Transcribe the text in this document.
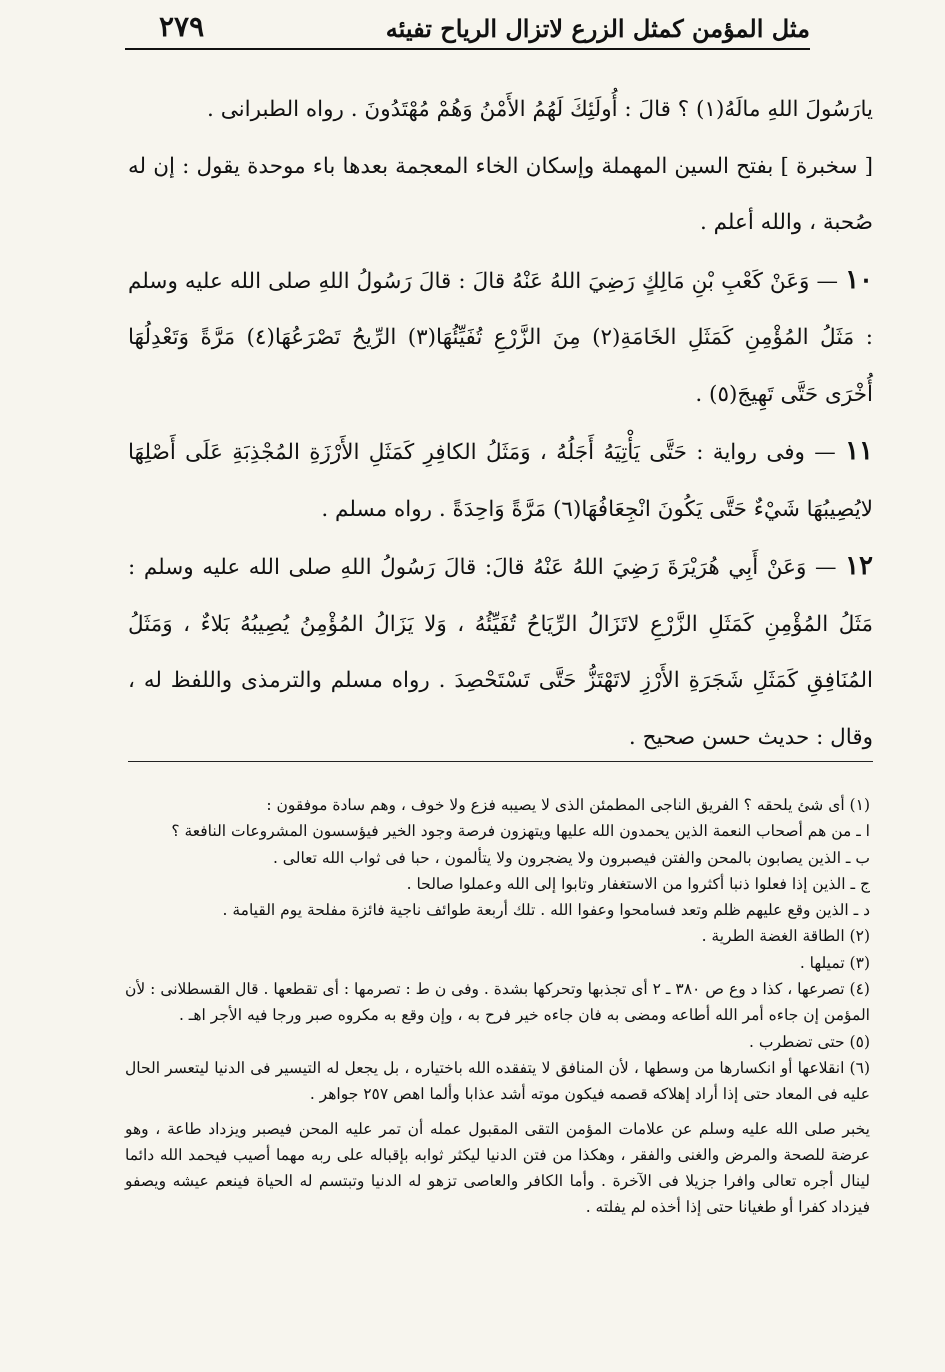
٢٧٩	مثل المؤمن كمثل الزرع لاتزال الرياح تفيئه

يارَسُولَ اللهِ مالَهُ(١) ؟ قالَ : أُولَئِكَ لَهُمُ الأَمْنُ وَهُمْ مُهْتَدُونَ . رواه الطبرانى .

[ سخبرة ] بفتح السين المهملة وإسكان الخاء المعجمة بعدها باء موحدة يقول : إن له صُحبة ، والله أعلم .

١٠ — وَعَنْ كَعْبِ بْنِ مَالِكٍ رَضِيَ اللهُ عَنْهُ قالَ : قالَ رَسُولُ اللهِ صلى الله عليه وسلم : مَثَلُ المُؤْمِنِ كَمَثَلِ الخَامَةِ(٢) مِنَ الزَّرْعِ تُفَيِّئُهَا(٣) الرِّيحُ تَصْرَعُهَا(٤) مَرَّةً وَتَعْدِلُهَا أُخْرَى حَتَّى تَهِيجَ(٥) .

١١ — وفى رواية : حَتَّى يَأْتِيَهُ أَجَلُهُ ، وَمَثَلُ الكافِرِ كَمَثَلِ الأَرْزَةِ المُجْذِبَةِ عَلَى أَصْلِهَا لايُصِيبُهَا شَيْءٌ حَتَّى يَكُونَ انْجِعَافُهَا(٦) مَرَّةً وَاحِدَةً . رواه مسلم .

١٢ — وَعَنْ أَبِي هُرَيْرَةَ رَضِيَ اللهُ عَنْهُ قالَ: قالَ رَسُولُ اللهِ صلى الله عليه وسلم : مَثَلُ المُؤْمِنِ كَمَثَلِ الزَّرْعِ لاتَزَالُ الرِّيَاحُ تُفَيِّئُهُ ، وَلا يَزَالُ المُؤْمِنُ يُصِيبُهُ بَلاءٌ ، وَمَثَلُ المُنَافِقِ كَمَثَلِ شَجَرَةِ الأَرْزِ لاتَهْتَزُّ حَتَّى تَسْتَحْصِدَ . رواه مسلم والترمذى واللفظ له ، وقال : حديث حسن صحيح .

(١) أى شئ يلحقه ؟ الفريق الناجى المطمئن الذى لا يصيبه فزع ولا خوف ، وهم سادة موفقون :

ا ـ من هم أصحاب النعمة الذين يحمدون الله عليها ويتهزون فرصة وجود الخير فيؤسسون المشروعات النافعة ؟

ب ـ الذين يصابون بالمحن والفتن فيصبرون ولا يضجرون ولا يتألمون ، حبا فى ثواب الله تعالى .

ج ـ الذين إذا فعلوا ذنبا أكثروا من الاستغفار وتابوا إلى الله وعملوا صالحا .

د ـ الذين وقع عليهم ظلم وتعد فسامحوا وعفوا الله . تلك أربعة طوائف ناجية فائزة مفلحة يوم القيامة .

(٢) الطاقة الغضة الطرية .

(٣) تميلها .

(٤) تصرعها ، كذا د وع ص ٣٨٠ ـ ٢ أى تجذبها وتحركها بشدة . وفى ن ط : تصرمها : أى تقطعها . قال القسطلانى : لأن المؤمن إن جاءه أمر الله أطاعه ومضى به فان جاءه خير فرح به ، وإن وقع به مكروه صبر ورجا فيه الأجر اهـ .

(٥) حتى تضطرب .

(٦) انقلاعها أو انكسارها من وسطها ، لأن المنافق لا يتفقده الله باختياره ، بل يجعل له التيسير فى الدنيا ليتعسر الحال عليه فى المعاد حتى إذا أراد إهلاكه قصمه فيكون موته أشد عذابا وألما اهص ٢٥٧ جواهر .

يخبر صلى الله عليه وسلم عن علامات المؤمن التقى المقبول عمله أن تمر عليه المحن فيصبر ويزداد طاعة ، وهو عرضة للصحة والمرض والغنى والفقر ، وهكذا من فتن الدنيا ليكثر ثوابه بإقباله على ربه مهما أصيب فيحمد الله دائما لينال أجره تعالى وافرا جزيلا فى الآخرة . وأما الكافر والعاصى تزهو له الدنيا وتبتسم له الحياة فينعم عيشه ويصفو فيزداد كفرا أو طغيانا حتى إذا أخذه لم يفلته .
